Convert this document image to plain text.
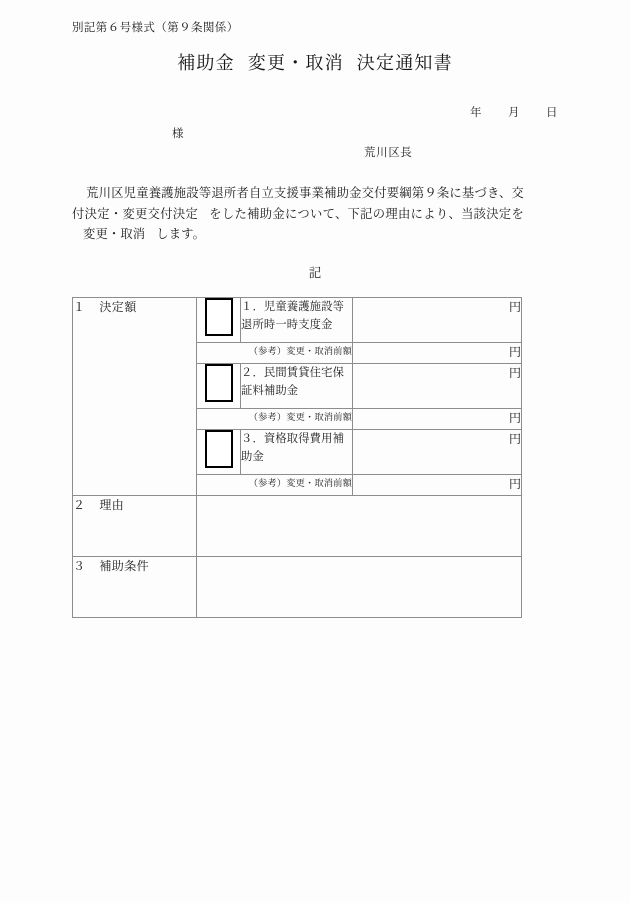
別記第６号様式（第９条関係）
補助金 変更・取消 決定通知書
年 月 日
様
荒川区長
荒川区児童養護施設等退所者自立支援事業補助金交付要綱第９条に基づき、交付決定・変更交付決定 をした補助金について、下記の理由により、当該決定を変更・取消 します。
記
１ 決定額		１．児童養護施設等退所時一時支度金	円
	（参考）変更・取消前額		円
		２．民間賃貸住宅保証料補助金	円
	（参考）変更・取消前額		円
		３．資格取得費用補助金	円
	（参考）変更・取消前額		円
２ 理由			
３ 補助条件			
